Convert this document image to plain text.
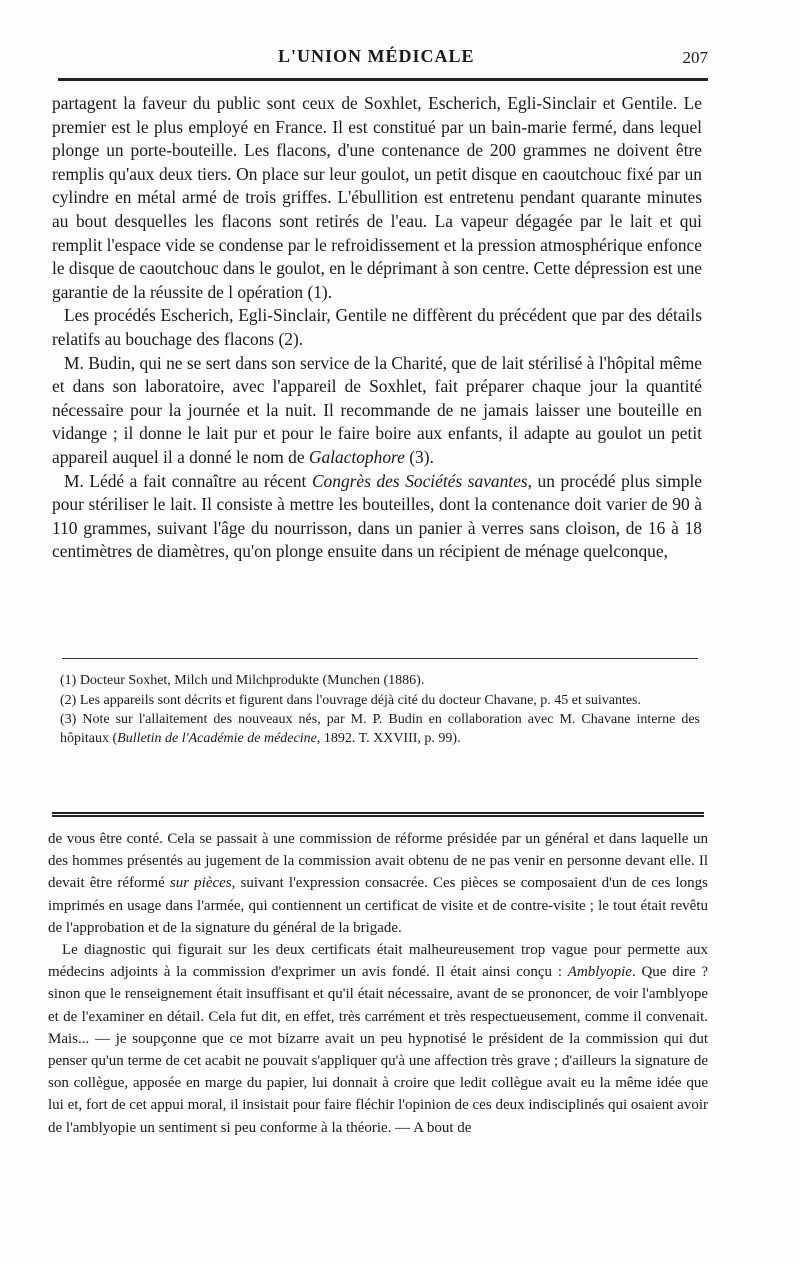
L'UNION MÉDICALE	207

partagent la faveur du public sont ceux de Soxhlet, Escherich, Egli-Sinclair et Gentile. Le premier est le plus employé en France. Il est constitué par un bain-marie fermé, dans lequel plonge un porte-bouteille. Les flacons, d'une contenance de 200 grammes ne doivent être remplis qu'aux deux tiers. On place sur leur goulot, un petit disque en caoutchouc fixé par un cylindre en métal armé de trois griffes. L'ébullition est entretenu pendant quarante minutes au bout desquelles les flacons sont retirés de l'eau. La vapeur dégagée par le lait et qui remplit l'espace vide se condense par le refroidissement et la pression atmosphérique enfonce le disque de caoutchouc dans le goulot, en le déprimant à son centre. Cette dépression est une garantie de la réussite de l opération (1).

Les procédés Escherich, Egli-Sinclair, Gentile ne diffèrent du précédent que par des détails relatifs au bouchage des flacons (2).

M. Budin, qui ne se sert dans son service de la Charité, que de lait stérilisé à l'hôpital même et dans son laboratoire, avec l'appareil de Soxhlet, fait préparer chaque jour la quantité nécessaire pour la journée et la nuit. Il recommande de ne jamais laisser une bouteille en vidange ; il donne le lait pur et pour le faire boire aux enfants, il adapte au goulot un petit appareil auquel il a donné le nom de Galactophore (3).

M. Lédé a fait connaître au récent Congrès des Sociétés savantes, un procédé plus simple pour stériliser le lait. Il consiste à mettre les bouteilles, dont la contenance doit varier de 90 à 110 grammes, suivant l'âge du nourrisson, dans un panier à verres sans cloison, de 16 à 18 centimètres de diamètres, qu'on plonge ensuite dans un récipient de ménage quelconque,

(1) Docteur Soxhet, Milch und Milchprodukte (Munchen (1886).

(2) Les appareils sont décrits et figurent dans l'ouvrage déjà cité du docteur Chavane, p. 45 et suivantes.

(3) Note sur l'allaitement des nouveaux nés, par M. P. Budin en collaboration avec M. Chavane interne des hôpitaux (Bulletin de l'Académie de médecine, 1892. T. XXVIII, p. 99).

de vous être conté. Cela se passait à une commission de réforme présidée par un général et dans laquelle un des hommes présentés au jugement de la commission avait obtenu de ne pas venir en personne devant elle. Il devait être réformé sur pièces, suivant l'expression consacrée. Ces pièces se composaient d'un de ces longs imprimés en usage dans l'armée, qui contiennent un certificat de visite et de contre-visite ; le tout était revêtu de l'approbation et de la signature du général de la brigade.

Le diagnostic qui figurait sur les deux certificats était malheureusement trop vague pour permette aux médecins adjoints à la commission d'exprimer un avis fondé. Il était ainsi conçu : Amblyopie. Que dire ? sinon que le renseignement était insuffisant et qu'il était nécessaire, avant de se prononcer, de voir l'amblyope et de l'examiner en détail. Cela fut dit, en effet, très carrément et très respectueusement, comme il convenait. Mais... — je soupçonne que ce mot bizarre avait un peu hypnotisé le président de la commission qui dut penser qu'un terme de cet acabit ne pouvait s'appliquer qu'à une affection très grave ; d'ailleurs la signature de son collègue, apposée en marge du papier, lui donnait à croire que ledit collègue avait eu la même idée que lui et, fort de cet appui moral, il insistait pour faire fléchir l'opinion de ces deux indisciplinés qui osaient avoir de l'amblyopie un sentiment si peu conforme à la théorie. — A bout de
